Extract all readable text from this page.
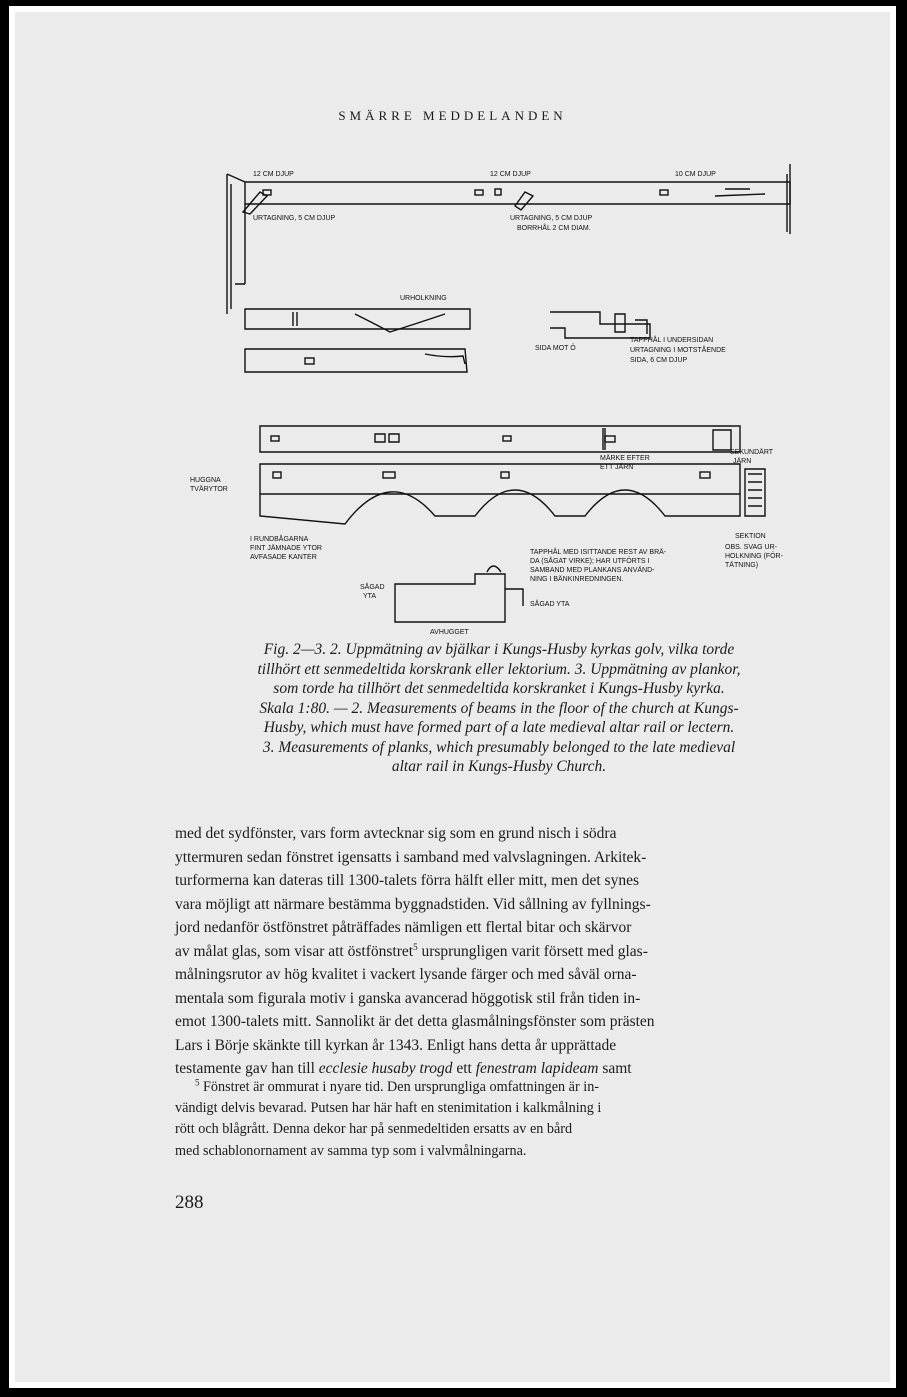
SMÄRRE MEDDELANDEN
12 CM DJUP	12 CM DJUP	10 CM DJUP
URTAGNING, 5 CM DJUP	URTAGNING, 5 CM DJUP
BORRHÅL 2 CM DIAM.
URHOLKNING
SIDA MOT Ö
TAPPHÅL I UNDERSIDAN
URTAGNING I MOTSTÅENDE
SIDA, 6 CM DJUP
MÄRKE EFTER
ETT JÄRN
SEKUNDÄRT
JÄRN
HUGGNA
TVÄRYTOR
I RUNDBÅGARNA
FINT JÄMNADE YTOR
AVFASADE KANTER
TAPPHÅL MED ISITTANDE REST AV BRÄ-
DA (SÅGAT VIRKE); HAR UTFÖRTS I
SAMBAND MED PLANKANS ANVÄND-
NING I BÄNKINREDNINGEN.
SÅGAD
YTA
SÅGAD YTA
AVHUGGET
SEKTION
OBS. SVAG UR-
HOLKNING (FÖR-
TÄTNING)
Fig. 2—3. 2. Uppmätning av bjälkar i Kungs-Husby kyrkas golv, vilka torde
tillhört ett senmedeltida korskrank eller lektorium. 3. Uppmätning av plankor,
som torde ha tillhört det senmedeltida korskranket i Kungs-Husby kyrka.
Skala 1:80. — 2. Measurements of beams in the floor of the church at Kungs-
Husby, which must have formed part of a late medieval altar rail or lectern.
3. Measurements of planks, which presumably belonged to the late medieval
altar rail in Kungs-Husby Church.
med det sydfönster, vars form avtecknar sig som en grund nisch i södra
yttermuren sedan fönstret igensatts i samband med valvslagningen. Arkitek-
turformerna kan dateras till 1300-talets förra hälft eller mitt, men det synes
vara möjligt att närmare bestämma byggnadstiden. Vid sållning av fyllnings-
jord nedanför östfönstret påträffades nämligen ett flertal bitar och skärvor
av målat glas, som visar att östfönstret$^5$ ursprungligen varit försett med glas-
målningsrutor av hög kvalitet i vackert lysande färger och med såväl orna-
mentala som figurala motiv i ganska avancerad höggotisk stil från tiden in-
emot 1300-talets mitt. Sannolikt är det detta glasmålningsfönster som prästen
Lars i Börje skänkte till kyrkan år 1343. Enligt hans detta år upprättade
testamente gav han till ecclesie husaby trogd ett fenestram lapideam samt
$^5$ Fönstret är ommurat i nyare tid. Den ursprungliga omfattningen är in-
vändigt delvis bevarad. Putsen har här haft en stenimitation i kalkmålning i
rött och blågrått. Denna dekor har på senmedeltiden ersatts av en bård
med schablonornament av samma typ som i valvmålningarna.
288
